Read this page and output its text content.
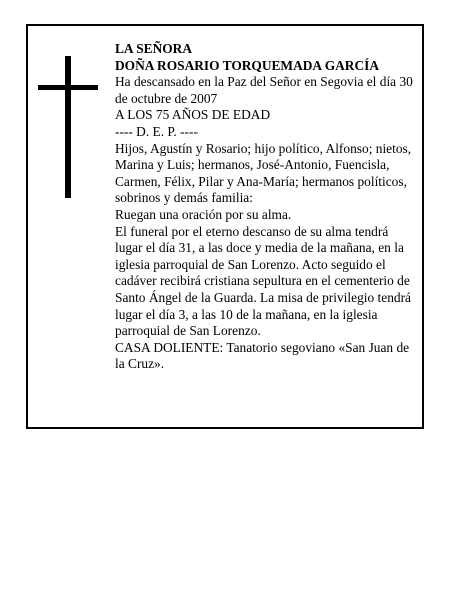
LA SEÑORA

DOÑA ROSARIO TORQUEMADA GARCÍA

Ha descansado en la Paz del Señor en Segovia el día 30 de octubre de 2007

A LOS 75 AÑOS DE EDAD

---- D. E. P. ----

Hijos, Agustín y Rosario; hijo político, Alfonso; nietos, Marina y Luis; hermanos, José-Antonio, Fuencisla, Carmen, Félix, Pilar y Ana-María; hermanos políticos, sobrinos y demás familia:

Ruegan una oración por su alma.

El funeral por el eterno descanso de su alma tendrá lugar el día 31, a las doce y media de la mañana, en la iglesia parroquial de San Lorenzo. Acto seguido el cadáver recibirá cristiana sepultura en el cementerio de Santo Ángel de la Guarda. La misa de privilegio tendrá lugar el día 3, a las 10 de la mañana, en la iglesia parroquial de San Lorenzo.

CASA DOLIENTE: Tanatorio segoviano «San Juan de la Cruz».
